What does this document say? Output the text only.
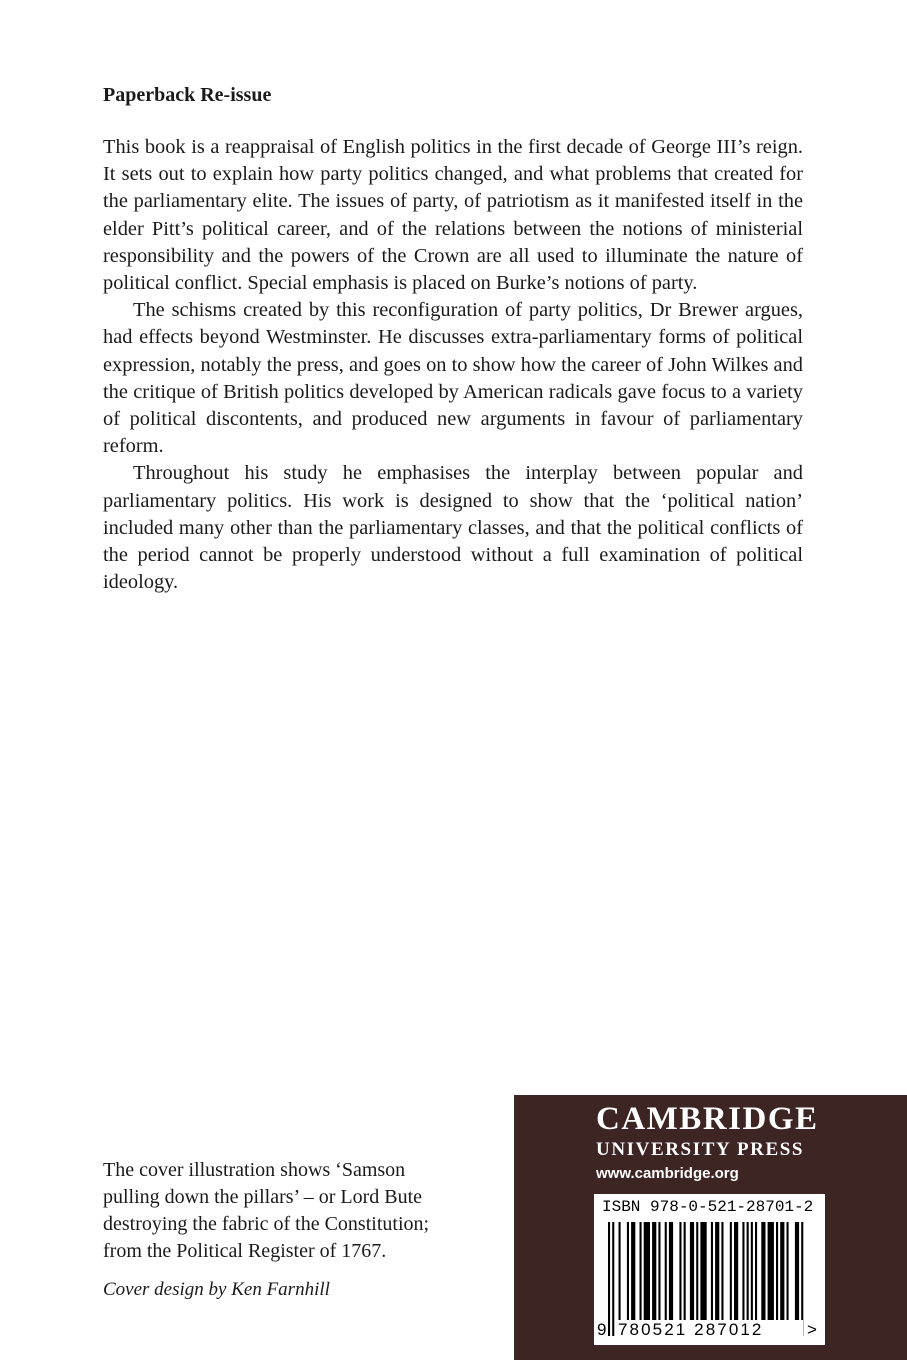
Paperback Re-issue

This book is a reappraisal of English politics in the first decade of George III’s reign. It sets out to explain how party politics changed, and what problems that created for the parliamentary elite. The issues of party, of patriotism as it manifested itself in the elder Pitt’s political career, and of the relations between the notions of ministerial responsibility and the powers of the Crown are all used to illuminate the nature of political conflict. Special emphasis is placed on Burke’s notions of party.

The schisms created by this reconfiguration of party politics, Dr Brewer argues, had effects beyond Westminster. He discusses extra-parliamentary forms of political expression, notably the press, and goes on to show how the career of John Wilkes and the critique of British politics developed by American radicals gave focus to a variety of political discontents, and produced new arguments in favour of parliamentary reform.

Throughout his study he emphasises the interplay between popular and parliamentary politics. His work is designed to show that the ‘political nation’ included many other than the parliamentary classes, and that the political conflicts of the period cannot be properly understood without a full examination of political ideology.

The cover illustration shows ‘Samson pulling down the pillars’ – or Lord Bute destroying the fabric of the Constitution; from the Political Register of 1767.

Cover design by Ken Farnhill

CAMBRIDGE
UNIVERSITY PRESS
www.cambridge.org
ISBN 978-0-521-28701-2
9 780521 287012	>
